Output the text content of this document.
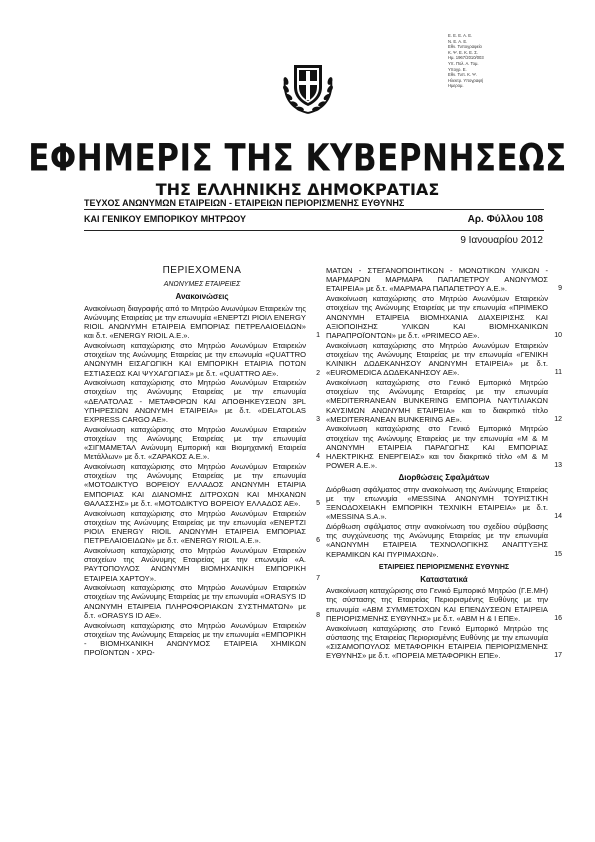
Ε. Ε. Ε. Α. Ε.
Ν. Ε. Α. Ε.
Εθν. Τυπογραφείο
Κ. Ψ. Ε. Κ. Ε. Σ.
Ημ. 1967/2010/003
Υπ. Πολ. Α. Τομ.
Υπογρ. Ε.
Εθν. Τυπ. Κ. Ψ.
Ηλεκτρ. Υπογραφή
Ημερομ.
ΕΦΗΜΕΡΙΣ ΤΗΣ ΚΥΒΕΡΝΗΣΕΩΣ
ΤΗΣ ΕΛΛΗΝΙΚΗΣ ΔΗΜΟΚΡΑΤΙΑΣ
ΤΕΥΧΟΣ ΑΝΩΝΥΜΩΝ ΕΤΑΙΡΕΙΩΝ - ΕΤΑΙΡΕΙΩΝ ΠΕΡΙΟΡΙΣΜΕΝΗΣ ΕΥΘΥΝΗΣ
ΚΑΙ ΓΕΝΙΚΟΥ ΕΜΠΟΡΙΚΟΥ ΜΗΤΡΩΟΥ	Αρ. Φύλλου 108
9 Ιανουαρίου 2012
ΠΕΡΙΕΧΟΜΕΝΑ
ΑΝΩΝΥΜΕΣ ΕΤΑΙΡΕΙΕΣ
Ανακοινώσεις
Ανακοίνωση διαγραφής από το Μητρώο Ανωνύμων Εταιρειών της Ανώνυμης Εταιρείας με την επωνυμία «ΕΝΕΡΤΖΙ ΡΙΟΙΛ ENERGY RIOIL ΑΝΩΝΥΜΗ ΕΤΑΙΡΕΙΑ ΕΜΠΟΡΙΑΣ ΠΕΤΡΕΛΑΙΟΕΙΔΩΝ» και δ.τ. «ENERGY RIOIL A.E.».	1
Ανακοίνωση καταχώρισης στο Μητρώο Ανωνύμων Εταιρειών στοιχείων της Ανώνυμης Εταιρείας με την επωνυμία «QUATTRO ΑΝΩΝΥΜΗ ΕΙΣΑΓΩΓΙΚΗ ΚΑΙ ΕΜΠΟΡΙΚΗ ΕΤΑΙΡΙΑ ΠΟΤΩΝ ΕΣΤΙΑΣΕΩΣ ΚΑΙ ΨΥΧΑΓΩΓΙΑΣ» με δ.τ. «QUATTRO AE».	2
Ανακοίνωση καταχώρισης στο Μητρώο Ανωνύμων Εταιρειών στοιχείων της Ανώνυμης Εταιρείας με την επωνυμία «ΔΕΛΑΤΟΛΑΣ - ΜΕΤΑΦΟΡΩΝ ΚΑΙ ΑΠΟΘΗΚΕΥΣΕΩΝ 3PL ΥΠΗΡΕΣΙΩΝ ΑΝΩΝΥΜΗ ΕΤΑΙΡΕΙΑ» με δ.τ. «DELATOLAS EXPRESS CARGO AE».	3
Ανακοίνωση καταχώρισης στο Μητρώο Ανωνύμων Εταιρειών στοιχείων της Ανώνυμης Εταιρείας με την επωνυμία «ΣΙΓΜΑΜΕΤΑΛ Ανώνυμη Εμπορική και Βιομηχανική Εταιρεία Μετάλλων» με δ.τ. «ΖΑΡΑΚΟΣ Α.Ε.».	4
Ανακοίνωση καταχώρισης στο Μητρώο Ανωνύμων Εταιρειών στοιχείων της Ανώνυμης Εταιρείας με την επωνυμία «ΜΟΤΟΔΙΚΤΥΟ ΒΟΡΕΙΟΥ ΕΛΛΑΔΟΣ ΑΝΩΝΥΜΗ ΕΤΑΙΡΙΑ ΕΜΠΟΡΙΑΣ ΚΑΙ ΔΙΑΝΟΜΗΣ ΔΙΤΡΟΧΩΝ ΚΑΙ ΜΗΧΑΝΩΝ ΘΑΛΑΣΣΗΣ» με δ.τ. «ΜΟΤΟΔΙΚΤΥΟ ΒΟΡΕΙΟΥ ΕΛΛΑΔΟΣ ΑΕ».	5
Ανακοίνωση καταχώρισης στο Μητρώο Ανωνύμων Εταιρειών στοιχείων της Ανώνυμης Εταιρείας με την επωνυμία «ΕΝΕΡΤΖΙ ΡΙΟΙΛ ENERGY RIOIL ΑΝΩΝΥΜΗ ΕΤΑΙΡΕΙΑ ΕΜΠΟΡΙΑΣ ΠΕΤΡΕΛΑΙΟΕΙΔΩΝ» με δ.τ. «ENERGY RIOIL A.E.».	6
Ανακοίνωση καταχώρισης στο Μητρώο Ανωνύμων Εταιρειών στοιχείων της Ανώνυμης Εταιρείας με την επωνυμία «Α. ΡΑΥΤΟΠΟΥΛΟΣ ΑΝΩΝΥΜΗ ΒΙΟΜΗΧΑΝΙΚΗ ΕΜΠΟΡΙΚΗ ΕΤΑΙΡΕΙΑ ΧΑΡΤΟΥ».	7
Ανακοίνωση καταχώρισης στο Μητρώο Ανωνύμων Εταιρειών στοιχείων της Ανώνυμης Εταιρείας με την επωνυμία «ORASYS ID ΑΝΩΝΥΜΗ ΕΤΑΙΡΕΙΑ ΠΛΗΡΟΦΟΡΙΑΚΩΝ ΣΥΣΤΗΜΑΤΩΝ» με δ.τ. «ORASYS ID AE».	8
Ανακοίνωση καταχώρισης στο Μητρώο Ανωνύμων Εταιρειών στοιχείων της Ανώνυμης Εταιρείας με την επωνυμία «ΕΜΠΟΡΙΚΗ - ΒΙΟΜΗΧΑΝΙΚΗ ΑΝΩΝΥΜΟΣ ΕΤΑΙΡΕΙΑ ΧΗΜΙΚΩΝ ΠΡΟΪΟΝΤΩΝ - ΧΡΩ-
ΜΑΤΩΝ - ΣΤΕΓΑΝΟΠΟΙΗΤΙΚΩΝ - ΜΟΝΩΤΙΚΩΝ ΥΛΙΚΩΝ - ΜΑΡΜΑΡΩΝ ΜΑΡΜΑΡΑ ΠΑΠΑΠΕΤΡΟΥ ΑΝΩΝΥΜΟΣ ΕΤΑΙΡΕΙΑ» με δ.τ. «ΜΑΡΜΑΡΑ ΠΑΠΑΠΕΤΡΟΥ Α.Ε.».	9
Ανακοίνωση καταχώρισης στο Μητρώο Ανωνύμων Εταιρειών στοιχείων της Ανώνυμης Εταιρείας με την επωνυμία «ΠΡΙΜΕΚΟ ΑΝΩΝΥΜΗ ΕΤΑΙΡΕΙΑ ΒΙΟΜΗΧΑΝΙΑ ΔΙΑΧΕΙΡΙΣΗΣ ΚΑΙ ΑΞΙΟΠΟΙΗΣΗΣ ΥΛΙΚΩΝ ΚΑΙ ΒΙΟΜΗΧΑΝΙΚΩΝ ΠΑΡΑΠΡΟΪΟΝΤΩΝ» με δ.τ. «PRIMECO AE».	10
Ανακοίνωση καταχώρισης στο Μητρώο Ανωνύμων Εταιρειών στοιχείων της Ανώνυμης Εταιρείας με την επωνυμία «ΓΕΝΙΚΗ ΚΛΙΝΙΚΗ ΔΩΔΕΚΑΝΗΣΟΥ ΑΝΩΝΥΜΗ ΕΤΑΙΡΕΙΑ» με δ.τ. «EUROMEDICA ΔΩΔΕΚΑΝΗΣΟΥ AE».	11
Ανακοίνωση καταχώρισης στο Γενικό Εμπορικό Μητρώο στοιχείων της Ανώνυμης Εταιρείας με την επωνυμία «MEDITERRANEAN BUNKERING ΕΜΠΟΡΙΑ ΝΑΥΤΙΛΙΑΚΩΝ ΚΑΥΣΙΜΩΝ ΑΝΩΝΥΜΗ ΕΤΑΙΡΕΙΑ» και το διακριτικό τίτλο «MEDITERRANEAN BUNKERING ΑΕ».	12
Ανακοίνωση καταχώρισης στο Γενικό Εμπορικό Μητρώο στοιχείων της Ανώνυμης Εταιρείας με την επωνυμία «Μ & Μ ΑΝΩΝΥΜΗ ΕΤΑΙΡΕΙΑ ΠΑΡΑΓΩΓΗΣ ΚΑΙ ΕΜΠΟΡΙΑΣ ΗΛΕΚΤΡΙΚΗΣ ΕΝΕΡΓΕΙΑΣ» και τον διακριτικό τίτλο «Μ & Μ POWER A.E.».	13
Διορθώσεις Σφαλμάτων
Διόρθωση σφάλματος στην ανακοίνωση της Ανώνυμης Εταιρείας με την επωνυμία «MESSINA ΑΝΩΝΥΜΗ ΤΟΥΡΙΣΤΙΚΗ ΞΕΝΟΔΟΧΕΙΑΚΗ ΕΜΠΟΡΙΚΗ ΤΕΧΝΙΚΗ ΕΤΑΙΡΕΙΑ» με δ.τ. «MESSINA S.A.».	14
Διόρθωση σφάλματος στην ανακοίνωση του σχεδίου σύμβασης της συγχώνευσης της Ανώνυμης Εταιρείας με την επωνυμία «ΑΝΩΝΥΜΗ ΕΤΑΙΡΕΙΑ ΤΕΧΝΟΛΟΓΙΚΗΣ ΑΝΑΠΤΥΞΗΣ ΚΕΡΑΜΙΚΩΝ ΚΑΙ ΠΥΡΙΜΑΧΩΝ».	15
ΕΤΑΙΡΕΙΕΣ ΠΕΡΙΟΡΙΣΜΕΝΗΣ ΕΥΘΥΝΗΣ
Καταστατικά
Ανακοίνωση καταχώρισης στο Γενικό Εμπορικό Μητρώο (Γ.Ε.ΜΗ) της σύστασης της Εταιρείας Περιορισμένης Ευθύνης με την επωνυμία «ΑΒΜ ΣΥΜΜΕΤΟΧΩΝ ΚΑΙ ΕΠΕΝΔΥΣΕΩΝ ΕΤΑΙΡΕΙΑ ΠΕΡΙΟΡΙΣΜΕΝΗΣ ΕΥΘΥΝΗΣ» με δ.τ. «ΑΒΜ Η & Ι ΕΠΕ».	16
Ανακοίνωση καταχώρισης στο Γενικό Εμπορικό Μητρώο της σύστασης της Εταιρείας Περιορισμένης Ευθύνης με την επωνυμία «ΣΙΣΑΜΟΠΟΥΛΟΣ ΜΕΤΑΦΟΡΙΚΗ ΕΤΑΙΡΕΙΑ ΠΕΡΙΟΡΙΣΜΕΝΗΣ ΕΥΘΥΝΗΣ» με δ.τ. «ΠΟΡΕΙΑ ΜΕΤΑΦΟΡΙΚΗ ΕΠΕ».	17
